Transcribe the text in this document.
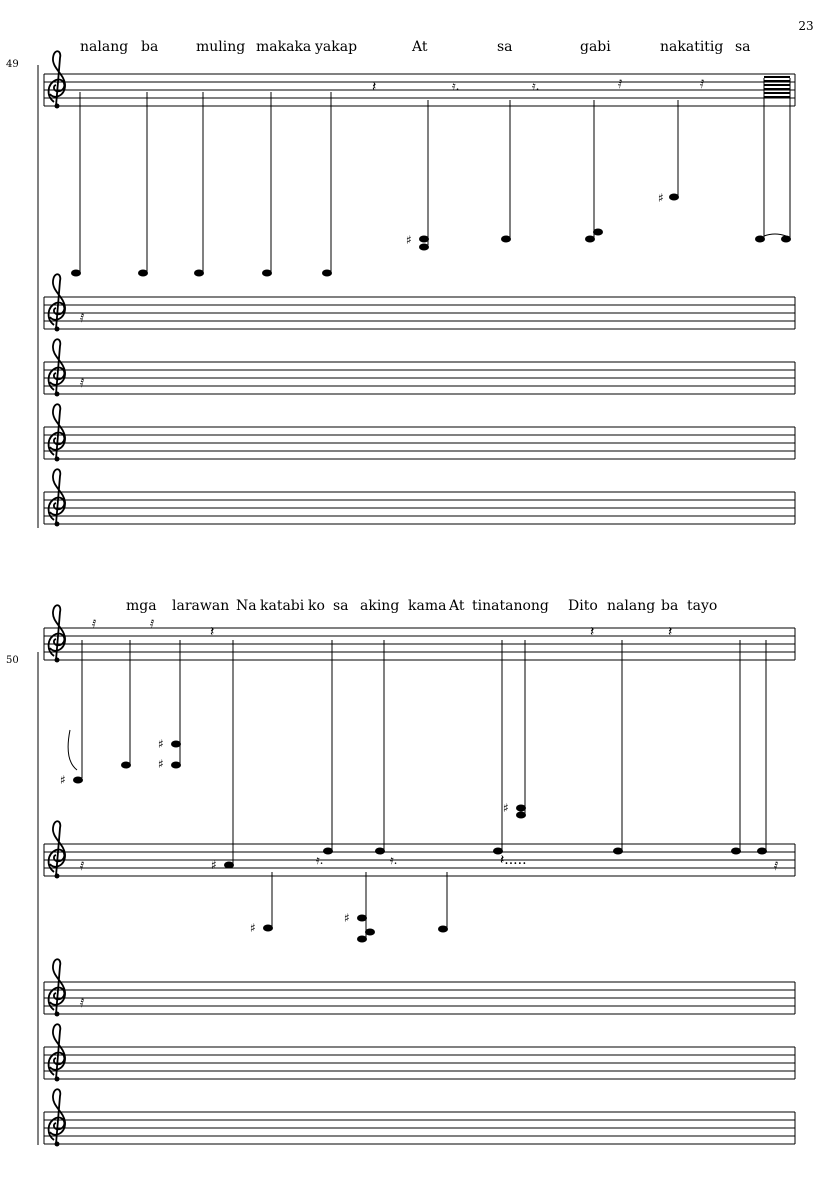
23
49
nalang ba	muling makaka yakap	At	sa	gabi	nakatitig sa
𝄽	𝄿.	𝄿.	𝅀	𝅀
♯
♯
𝅀
𝅀
50
mga larawan Na katabi ko sa aking kama At tinatanong Dito nalang ba tayo
𝅀	𝅀	𝄽	𝄽	𝄽
♯
♯
♯
♯
♯
𝅀	𝄿.	𝄿.	𝄽.....	𝅀
♯
♯
𝅀
